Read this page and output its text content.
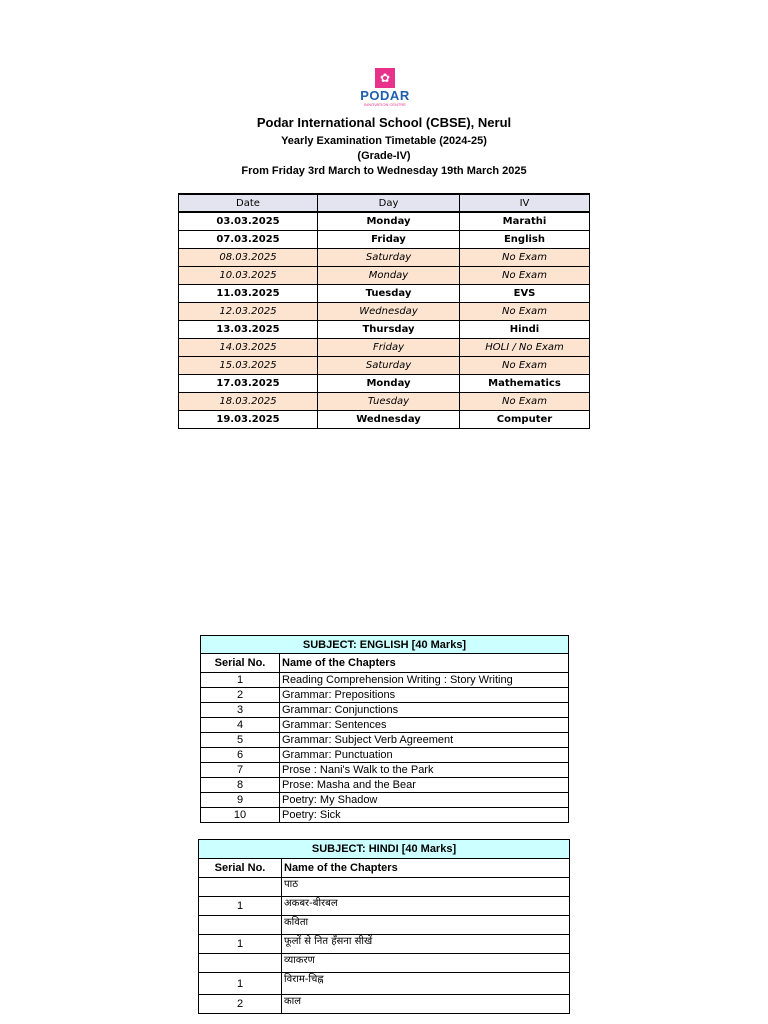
✿
PODAR
INNOVATION CENTRE
Podar International School (CBSE), Nerul
Yearly Examination Timetable (2024-25)
(Grade-IV)
From Friday 3rd March to Wednesday 19th March 2025
Date	Day	IV
03.03.2025	Monday	Marathi
07.03.2025	Friday	English
08.03.2025	Saturday	No Exam
10.03.2025	Monday	No Exam
11.03.2025	Tuesday	EVS
12.03.2025	Wednesday	No Exam
13.03.2025	Thursday	Hindi
14.03.2025	Friday	HOLI / No Exam
15.03.2025	Saturday	No Exam
17.03.2025	Monday	Mathematics
18.03.2025	Tuesday	No Exam
19.03.2025	Wednesday	Computer
SUBJECT: ENGLISH [40 Marks]	
Serial No.	Name of the Chapters
1	Reading Comprehension Writing : Story Writing
2	Grammar: Prepositions
3	Grammar: Conjunctions
4	Grammar: Sentences
5	Grammar: Subject Verb Agreement
6	Grammar: Punctuation
7	Prose : Nani's Walk to the Park
8	Prose: Masha and the Bear
9	Poetry: My Shadow
10	Poetry: Sick
SUBJECT: HINDI [40 Marks]	
Serial No.	Name of the Chapters
	पाठ
1	अकबर-बीरबल
	कविता
1	फूलों से नित हँसना सीखें
	व्याकरण
1	विराम-चिह्न
2	काल
